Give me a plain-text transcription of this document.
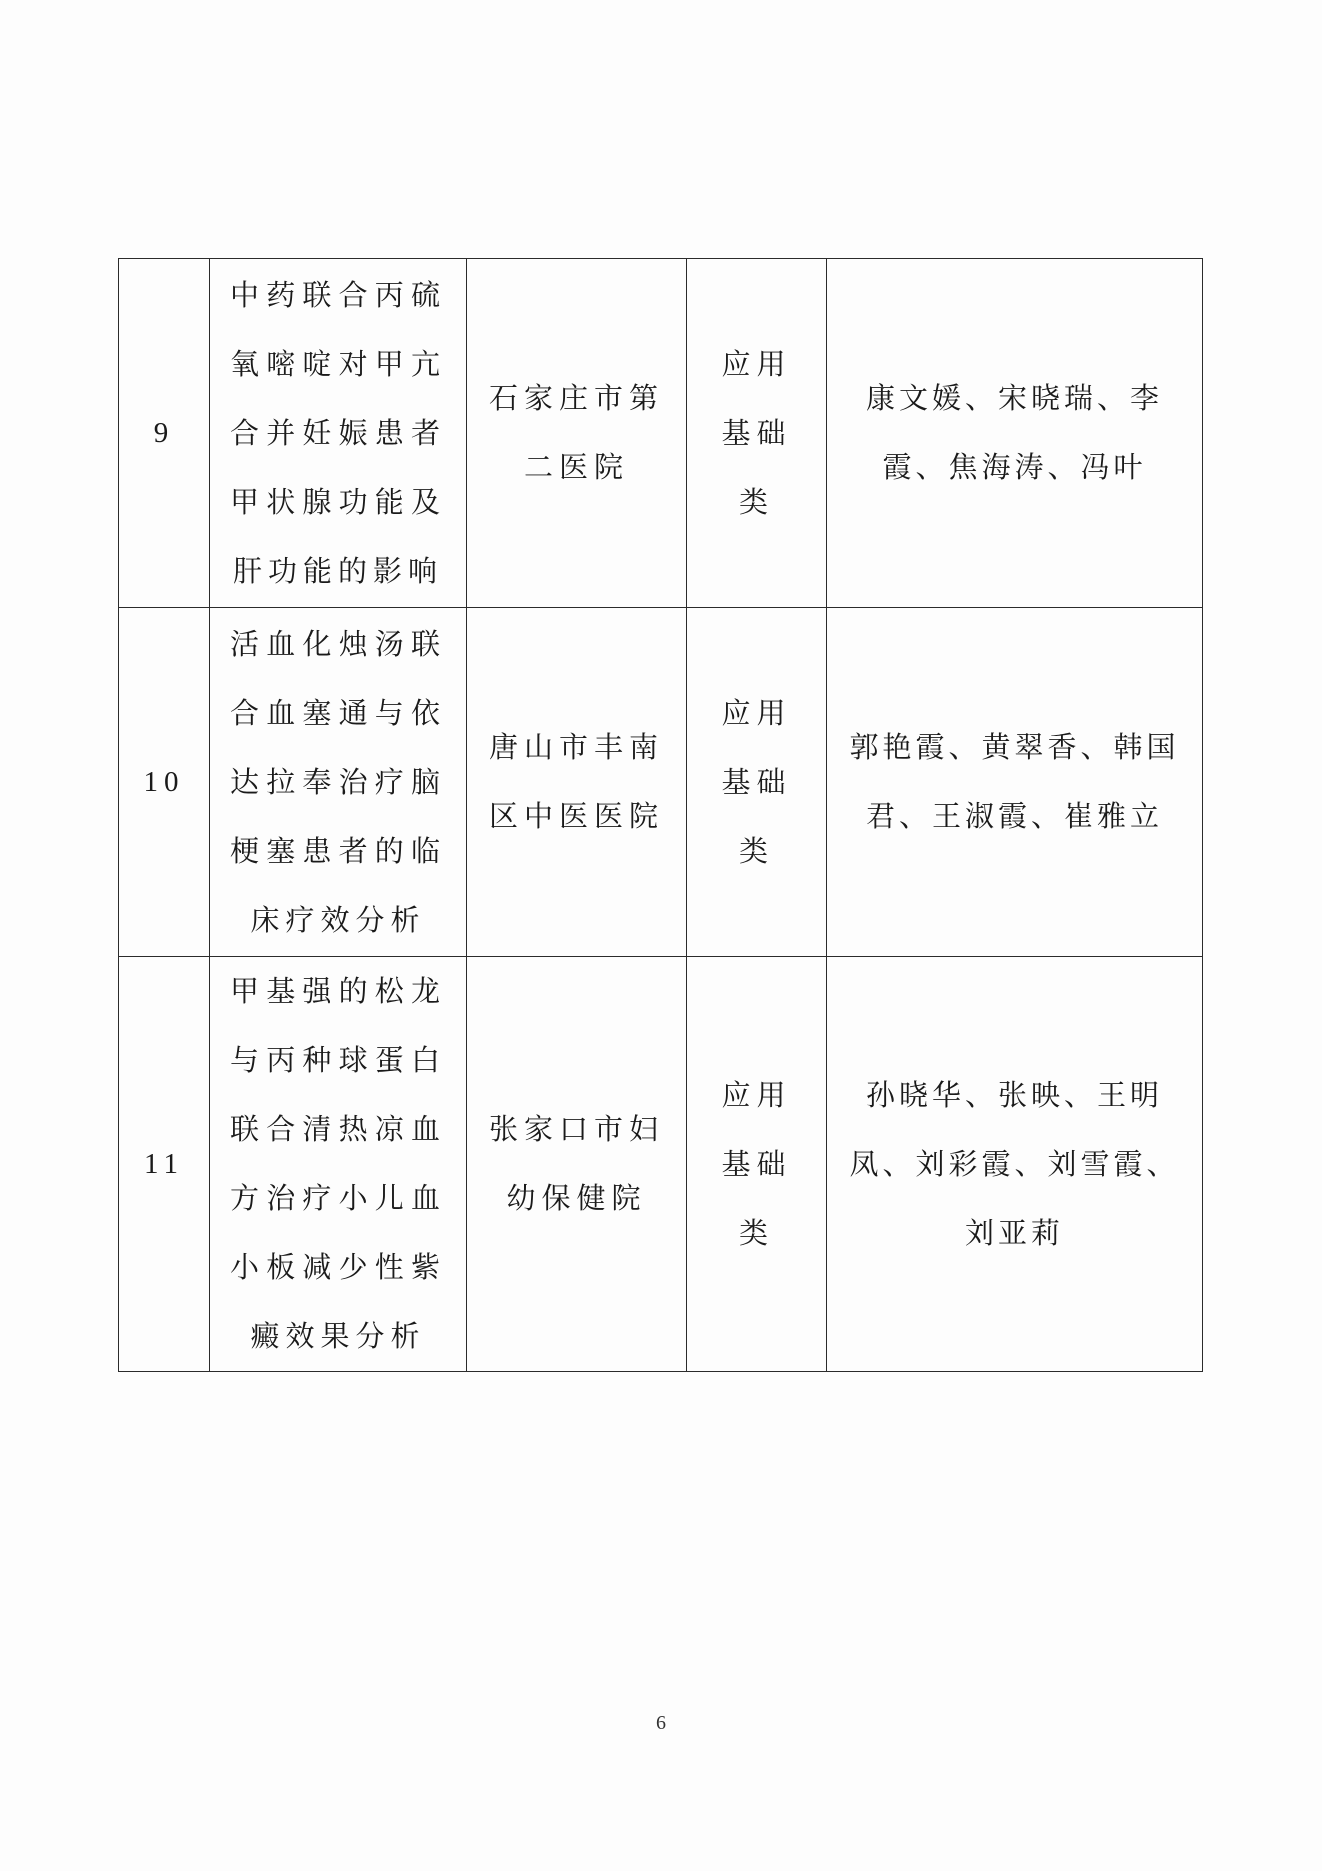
9	中药联合丙硫氧嘧啶对甲亢合并妊娠患者甲状腺功能及肝功能的影响	石家庄市第二医院	应用基础类	康文媛、宋晓瑞、李霞、焦海涛、冯叶

10	活血化烛汤联合血塞通与依达拉奉治疗脑梗塞患者的临床疗效分析	唐山市丰南区中医医院	应用基础类	郭艳霞、黄翠香、韩国君、王淑霞、崔雅立

11	甲基强的松龙与丙种球蛋白联合清热凉血方治疗小儿血小板减少性紫癜效果分析	张家口市妇幼保健院	应用基础类	孙晓华、张映、王明凤、刘彩霞、刘雪霞、刘亚莉
6
